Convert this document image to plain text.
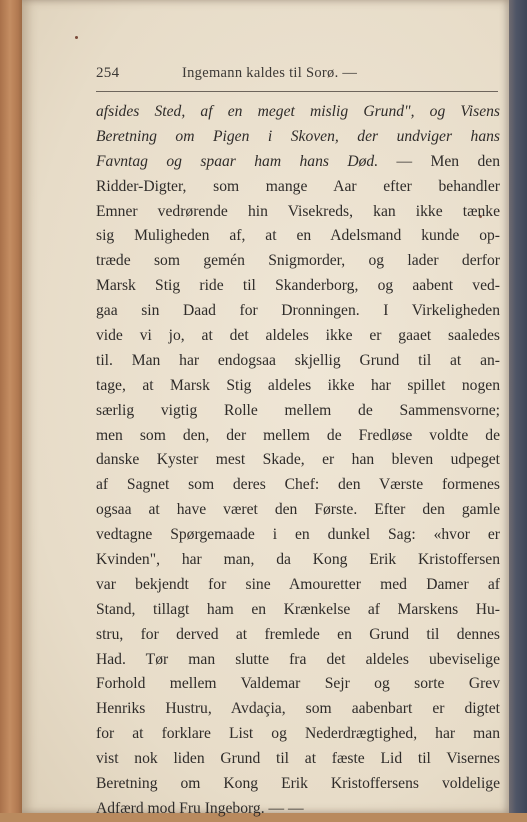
254	Ingemann kaldes til Sorø. —
afsides Sted, af en meget mislig Grund", og Visens
Beretning om Pigen i Skoven, der undviger hans
Favntag og spaar ham hans Død. — Men den
Ridder-Digter, som mange Aar efter behandler
Emner vedrørende hin Visekreds, kan ikke tænke
sig Muligheden af, at en Adelsmand kunde op-
træde som gemén Snigmorder, og lader derfor
Marsk Stig ride til Skanderborg, og aabent ved-
gaa sin Daad for Dronningen. I Virkeligheden
vide vi jo, at det aldeles ikke er gaaet saaledes
til. Man har endogsaa skjellig Grund til at an-
tage, at Marsk Stig aldeles ikke har spillet nogen
særlig vigtig Rolle mellem de Sammensvorne;
men som den, der mellem de Fredløse voldte de
danske Kyster mest Skade, er han bleven udpeget
af Sagnet som deres Chef: den Værste formenes
ogsaa at have været den Første. Efter den gamle
vedtagne Spørgemaade i en dunkel Sag: «hvor er
Kvinden", har man, da Kong Erik Kristoffersen
var bekjendt for sine Amouretter med Damer af
Stand, tillagt ham en Krænkelse af Marskens Hu-
stru, for derved at fremlede en Grund til dennes
Had. Tør man slutte fra det aldeles ubeviselige
Forhold mellem Valdemar Sejr og sorte Grev
Henriks Hustru, Avdaçia, som aabenbart er digtet
for at forklare List og Nederdrægtighed, har man
vist nok liden Grund til at fæste Lid til Visernes
Beretning om Kong Erik Kristoffersens voldelige
Adfærd mod Fru Ingeborg. — —
